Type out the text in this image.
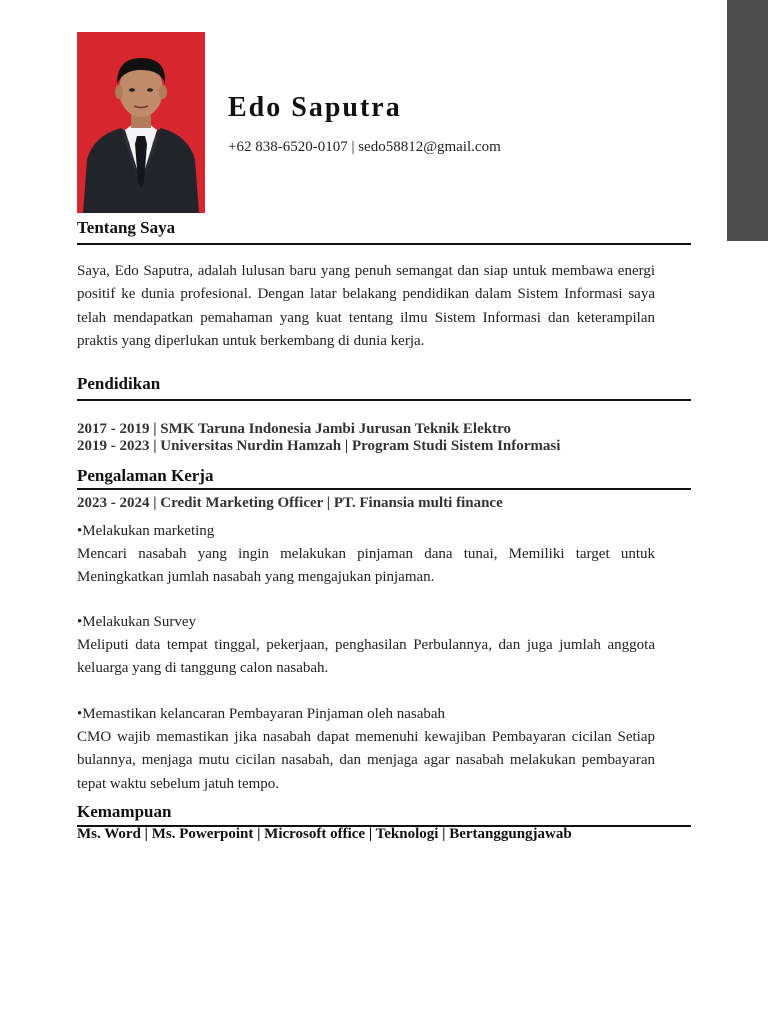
Edo Saputra
+62 838-6520-0107 | sedo58812@gmail.com
Tentang Saya
Saya, Edo Saputra, adalah lulusan baru yang penuh semangat dan siap untuk membawa energi positif ke dunia profesional. Dengan latar belakang pendidikan dalam Sistem Informasi saya telah mendapatkan pemahaman yang kuat tentang ilmu Sistem Informasi dan keterampilan praktis yang diperlukan untuk berkembang di dunia kerja.
Pendidikan
2017 - 2019 | SMK Taruna Indonesia Jambi Jurusan Teknik Elektro
2019 - 2023 | Universitas Nurdin Hamzah | Program Studi Sistem Informasi
Pengalaman Kerja
2023 - 2024 | Credit Marketing Officer | PT. Finansia multi finance
•Melakukan marketing
Mencari nasabah yang ingin melakukan pinjaman dana tunai, Memiliki target untuk Meningkatkan jumlah nasabah yang mengajukan pinjaman.
•Melakukan Survey
Meliputi data tempat tinggal, pekerjaan, penghasilan Perbulannya, dan juga jumlah anggota keluarga yang di tanggung calon nasabah.
•Memastikan kelancaran Pembayaran Pinjaman oleh nasabah
CMO wajib memastikan jika nasabah dapat memenuhi kewajiban Pembayaran cicilan Setiap bulannya, menjaga mutu cicilan nasabah, dan menjaga agar nasabah melakukan pembayaran tepat waktu sebelum jatuh tempo.
Kemampuan
Ms. Word | Ms. Powerpoint | Microsoft office | Teknologi | Bertanggungjawab
